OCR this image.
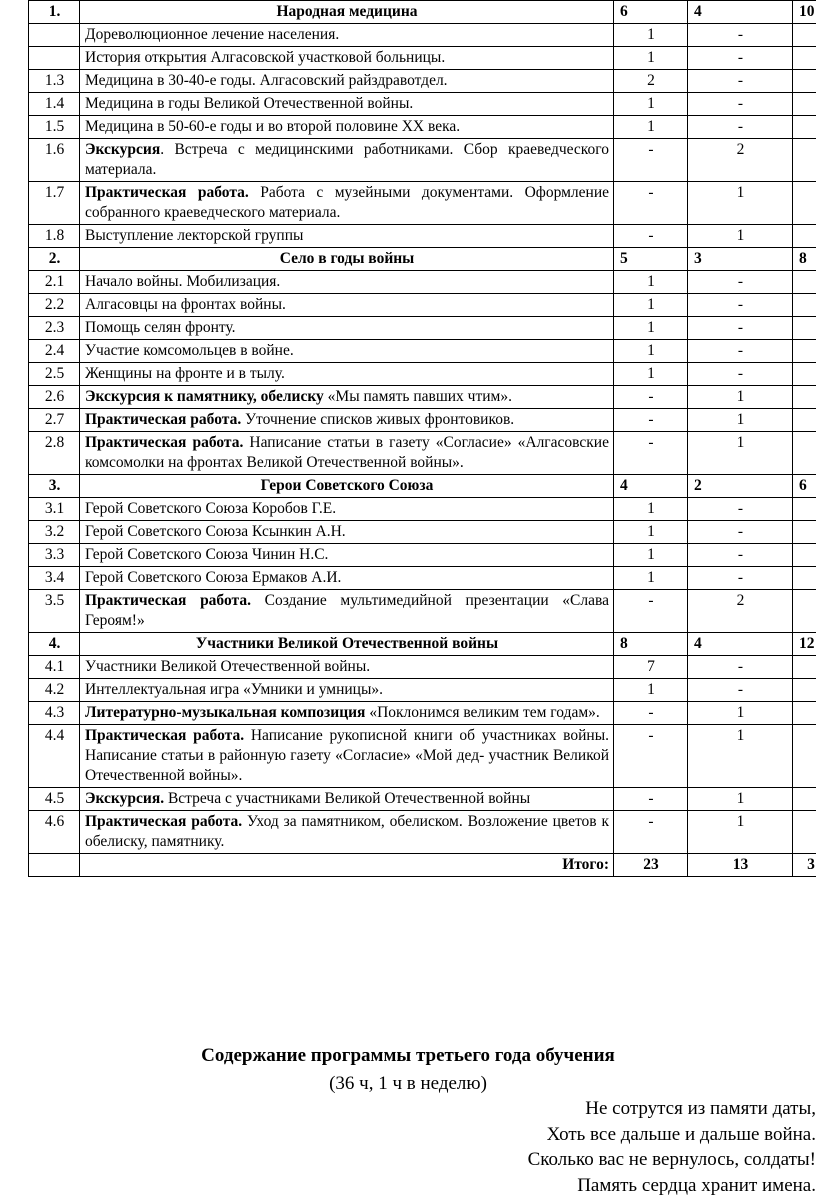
1.	Народная медицина	6	4	10
	Дореволюционное лечение населения.	1	-	
	История открытия Алгасовской участковой больницы.	1	-	
1.3	Медицина в 30-40-е годы. Алгасовский райздравотдел.	2	-	
1.4	Медицина в годы Великой Отечественной войны.	1	-	
1.5	Медицина в 50-60-е годы и во второй половине XX века.	1	-	
1.6	Экскурсия. Встреча с медицинскими работниками. Сбор краеведческого материала.	-	2	
1.7	Практическая работа. Работа с музейными документами. Оформление собранного краеведческого материала.	-	1	
1.8	Выступление лекторской группы	-	1	
2.	Село в годы войны	5	3	8
2.1	Начало войны. Мобилизация.	1	-	
2.2	Алгасовцы на фронтах войны.	1	-	
2.3	Помощь селян фронту.	1	-	
2.4	Участие комсомольцев в войне.	1	-	
2.5	Женщины на фронте и в тылу.	1	-	
2.6	Экскурсия к памятнику, обелиску «Мы память павших чтим».	-	1	
2.7	Практическая работа. Уточнение списков живых фронтовиков.	-	1	
2.8	Практическая работа. Написание статьи в газету «Согласие» «Алгасовские комсомолки на фронтах Великой Отечественной войны».	-	1	
3.	Герои Советского Союза	4	2	6
3.1	Герой Советского Союза Коробов Г.Е.	1	-	
3.2	Герой Советского Союза Ксынкин А.Н.	1	-	
3.3	Герой Советского Союза Чинин Н.С.	1	-	
3.4	Герой Советского Союза Ермаков А.И.	1	-	
3.5	Практическая работа. Создание мультимедийной презентации «Слава Героям!»	-	2	
4.	Участники Великой Отечественной войны	8	4	12
4.1	Участники Великой Отечественной войны.	7	-	
4.2	Интеллектуальная игра «Умники и умницы».	1	-	
4.3	Литературно-музыкальная композиция «Поклонимся великим тем годам».	-	1	
4.4	Практическая работа. Написание рукописной книги об участниках войны. Написание статьи в районную газету «Согласие» «Мой дед- участник Великой Отечественной войны».	-	1	
4.5	Экскурсия. Встреча с участниками Великой Отечественной войны	-	1	
4.6	Практическая работа. Уход за памятником, обелиском. Возложение цветов к обелиску, памятнику.	-	1	
	Итого:	23	13	3
Содержание программы третьего года обучения
(36 ч, 1 ч в неделю)
Не сотрутся из памяти даты,
Хоть все дальше и дальше война.
Сколько вас не вернулось, солдаты!
Память сердца хранит имена.
